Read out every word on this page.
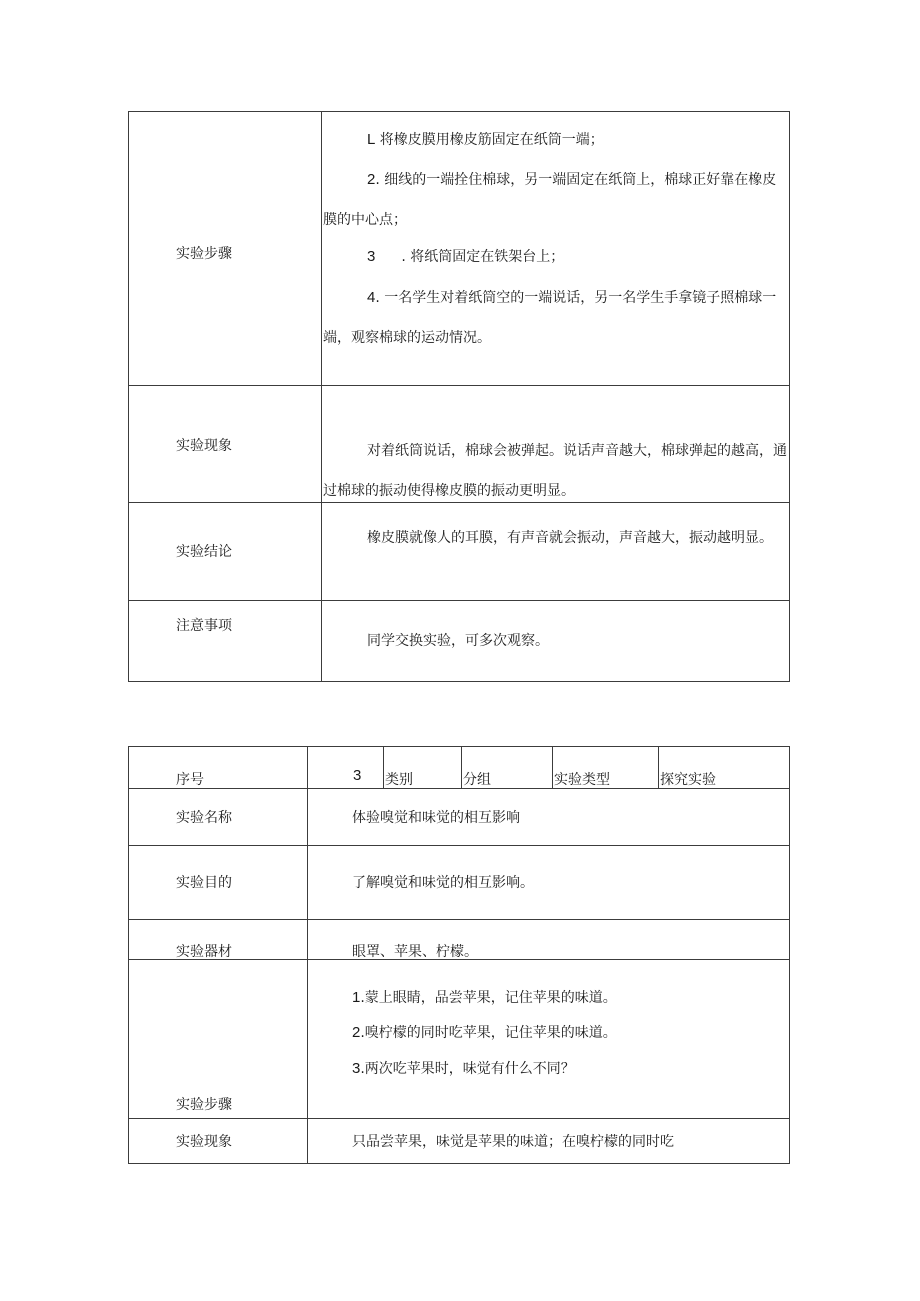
实验步骤	L 将橡皮膜用橡皮筋固定在纸筒一端；
2. 细线的一端拴住棉球，另一端固定在纸筒上，棉球正好靠在橡皮膜的中心点；
3 . 将纸筒固定在铁架台上；
4. 一名学生对着纸筒空的一端说话，另一名学生手拿镜子照棉球一端，观察棉球的运动情况。

实验现象	对着纸筒说话，棉球会被弹起。说话声音越大，棉球弹起的越高，通过棉球的振动使得橡皮膜的振动更明显。

实验结论	橡皮膜就像人的耳膜，有声音就会振动，声音越大，振动越明显。

注意事项	同学交换实验，可多次观察。
序号	3	类别	分组	实验类型	探究实验

实验名称	体验嗅觉和味觉的相互影响				

实验目的	了解嗅觉和味觉的相互影响。				

实验器材	眼罩、苹果、柠檬。				

实验步骤	1.蒙上眼睛，品尝苹果，记住苹果的味道。
2.嗅柠檬的同时吃苹果，记住苹果的味道。
3.两次吃苹果时，味觉有什么不同？				

实验现象	只品尝苹果，味觉是苹果的味道；在嗅柠檬的同时吃				
